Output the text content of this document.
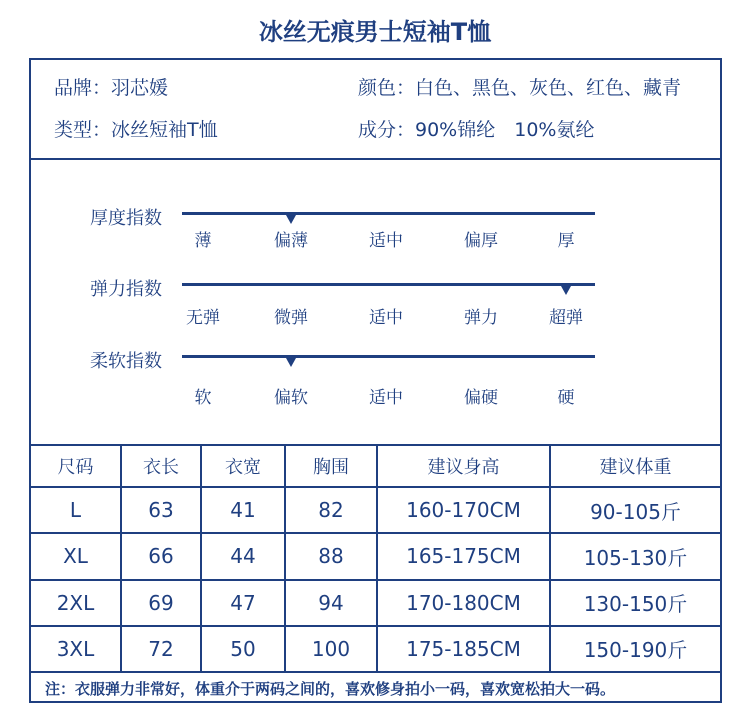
冰丝无痕男士短袖T恤
品牌：羽芯媛	颜色：白色、黑色、灰色、红色、藏青
类型：冰丝短袖T恤	成分：90%锦纶　10%氨纶
厚度指数
薄	偏薄	适中	偏厚	厚
弹力指数
无弹	微弹	适中	弹力	超弹
柔软指数
软	偏软	适中	偏硬	硬
尺码	衣长	衣宽	胸围	建议身高	建议体重
L	63	41	82	160-170CM	90-105斤
XL	66	44	88	165-175CM	105-130斤
2XL	69	47	94	170-180CM	130-150斤
3XL	72	50	100	175-185CM	150-190斤
注：衣服弹力非常好，体重介于两码之间的，喜欢修身拍小一码，喜欢宽松拍大一码。
